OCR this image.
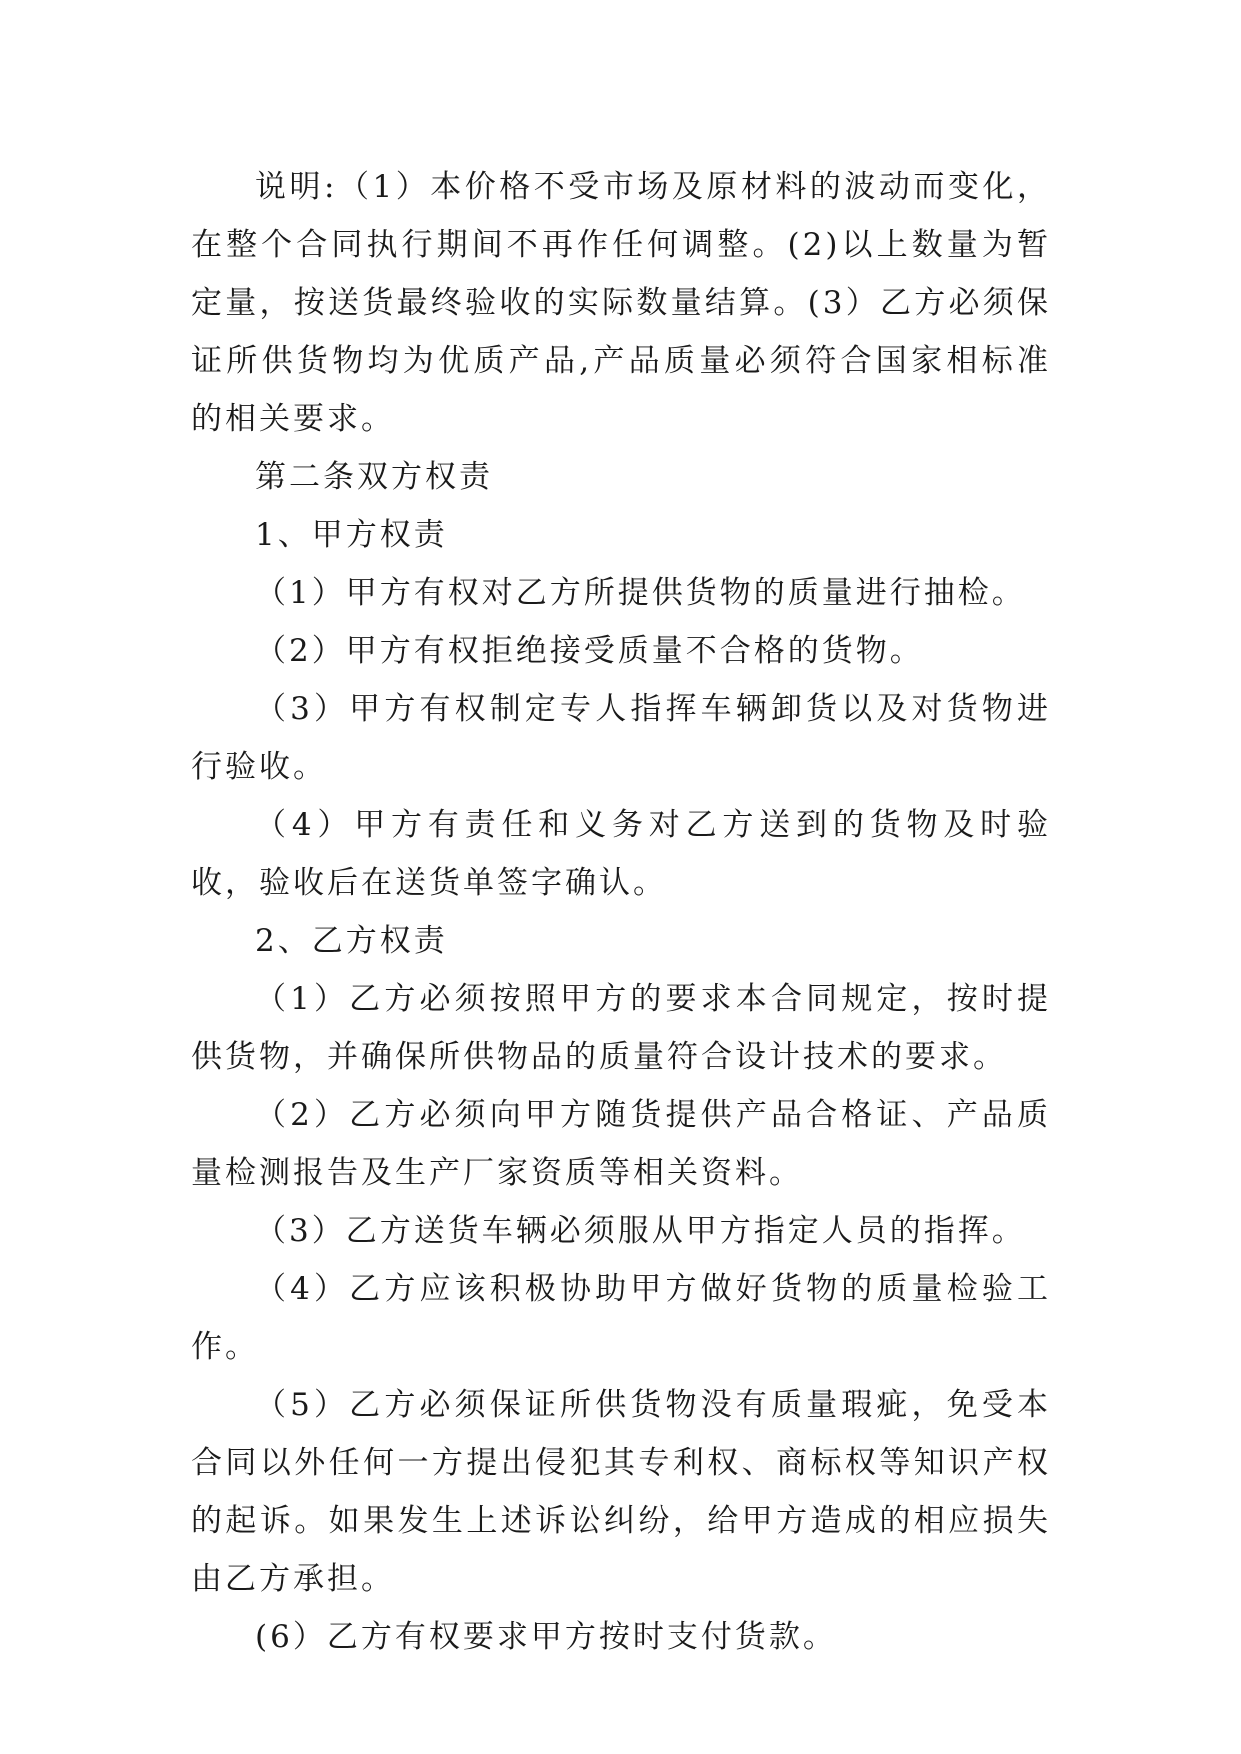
说明:（1）本价格不受市场及原材料的波动而变化，在整个合同执行期间不再作任何调整。(2)以上数量为暂定量，按送货最终验收的实际数量结算。(3）乙方必须保证所供货物均为优质产品,产品质量必须符合国家相标准的相关要求。

第二条双方权责

1、甲方权责

（1）甲方有权对乙方所提供货物的质量进行抽检。

（2）甲方有权拒绝接受质量不合格的货物。

（3）甲方有权制定专人指挥车辆卸货以及对货物进行验收。

（4）甲方有责任和义务对乙方送到的货物及时验收，验收后在送货单签字确认。

2、乙方权责

（1）乙方必须按照甲方的要求本合同规定，按时提供货物，并确保所供物品的质量符合设计技术的要求。

（2）乙方必须向甲方随货提供产品合格证、产品质量检测报告及生产厂家资质等相关资料。

（3）乙方送货车辆必须服从甲方指定人员的指挥。

（4）乙方应该积极协助甲方做好货物的质量检验工作。

（5）乙方必须保证所供货物没有质量瑕疵，免受本合同以外任何一方提出侵犯其专利权、商标权等知识产权的起诉。如果发生上述诉讼纠纷，给甲方造成的相应损失由乙方承担。

(6）乙方有权要求甲方按时支付货款。
